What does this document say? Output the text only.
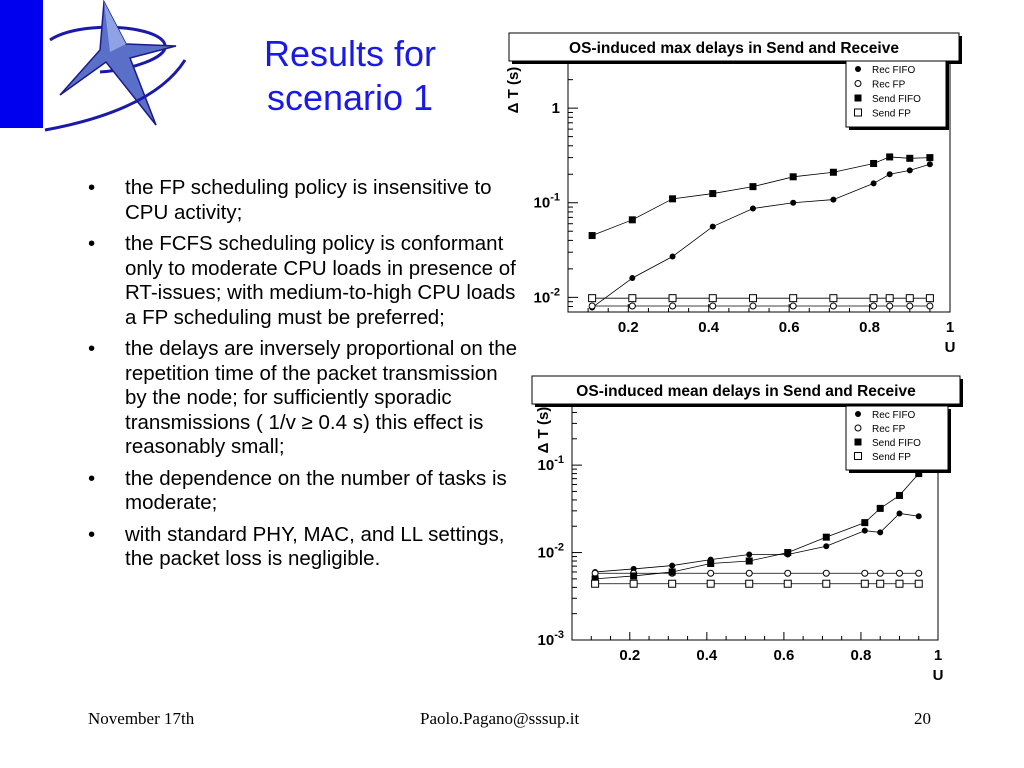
Results for
scenario 1
• the FP scheduling policy is insensitive to CPU activity;
• the FCFS scheduling policy is conformant only to moderate CPU loads in presence of RT-issues; with medium-to-high CPU loads a FP scheduling must be preferred;
• the delays are inversely proportional on the repetition time of the packet transmission by the node; for sufficiently sporadic transmissions ( 1/v ≥ 0.4 s) this effect is reasonably small;
• the dependence on the number of tasks is moderate;
• with standard PHY, MAC, and LL settings, the packet loss is negligible.
OS-induced max delays in Send and Receive
0.2	0.4	0.6	0.8	1
U
1
$10^{-1}$
$10^{-2}$
Δ T (s)	Rec FIFO
Rec FP
Send FIFO
Send FP
OS-induced mean delays in Send and Receive
0.2	0.4	0.6	0.8	1
U
$10^{-1}$
$10^{-2}$
$10^{-3}$
Δ T (s)	Rec FIFO
Rec FP
Send FIFO
Send FP
November 17th	Paolo.Pagano@sssup.it	20
